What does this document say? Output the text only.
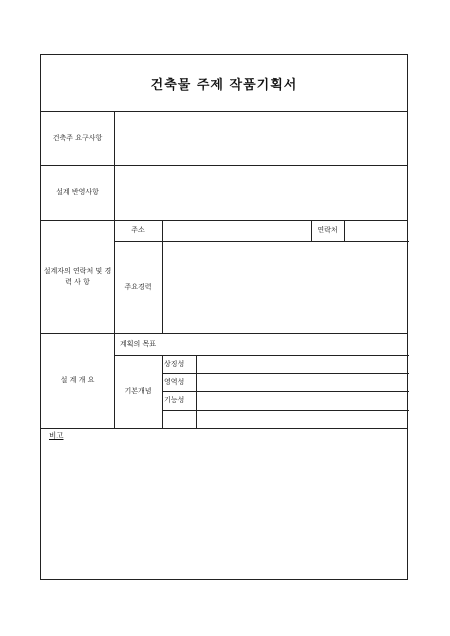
건축물 주제 작품기획서
건축주 요구사항
설계 반영사항
설계자의 연락처 및 경 력 사 항
주소	연락처
주요경력
설 계 개 요
계획의 목표
기본개념
상징성
영역성
기능성
비고
